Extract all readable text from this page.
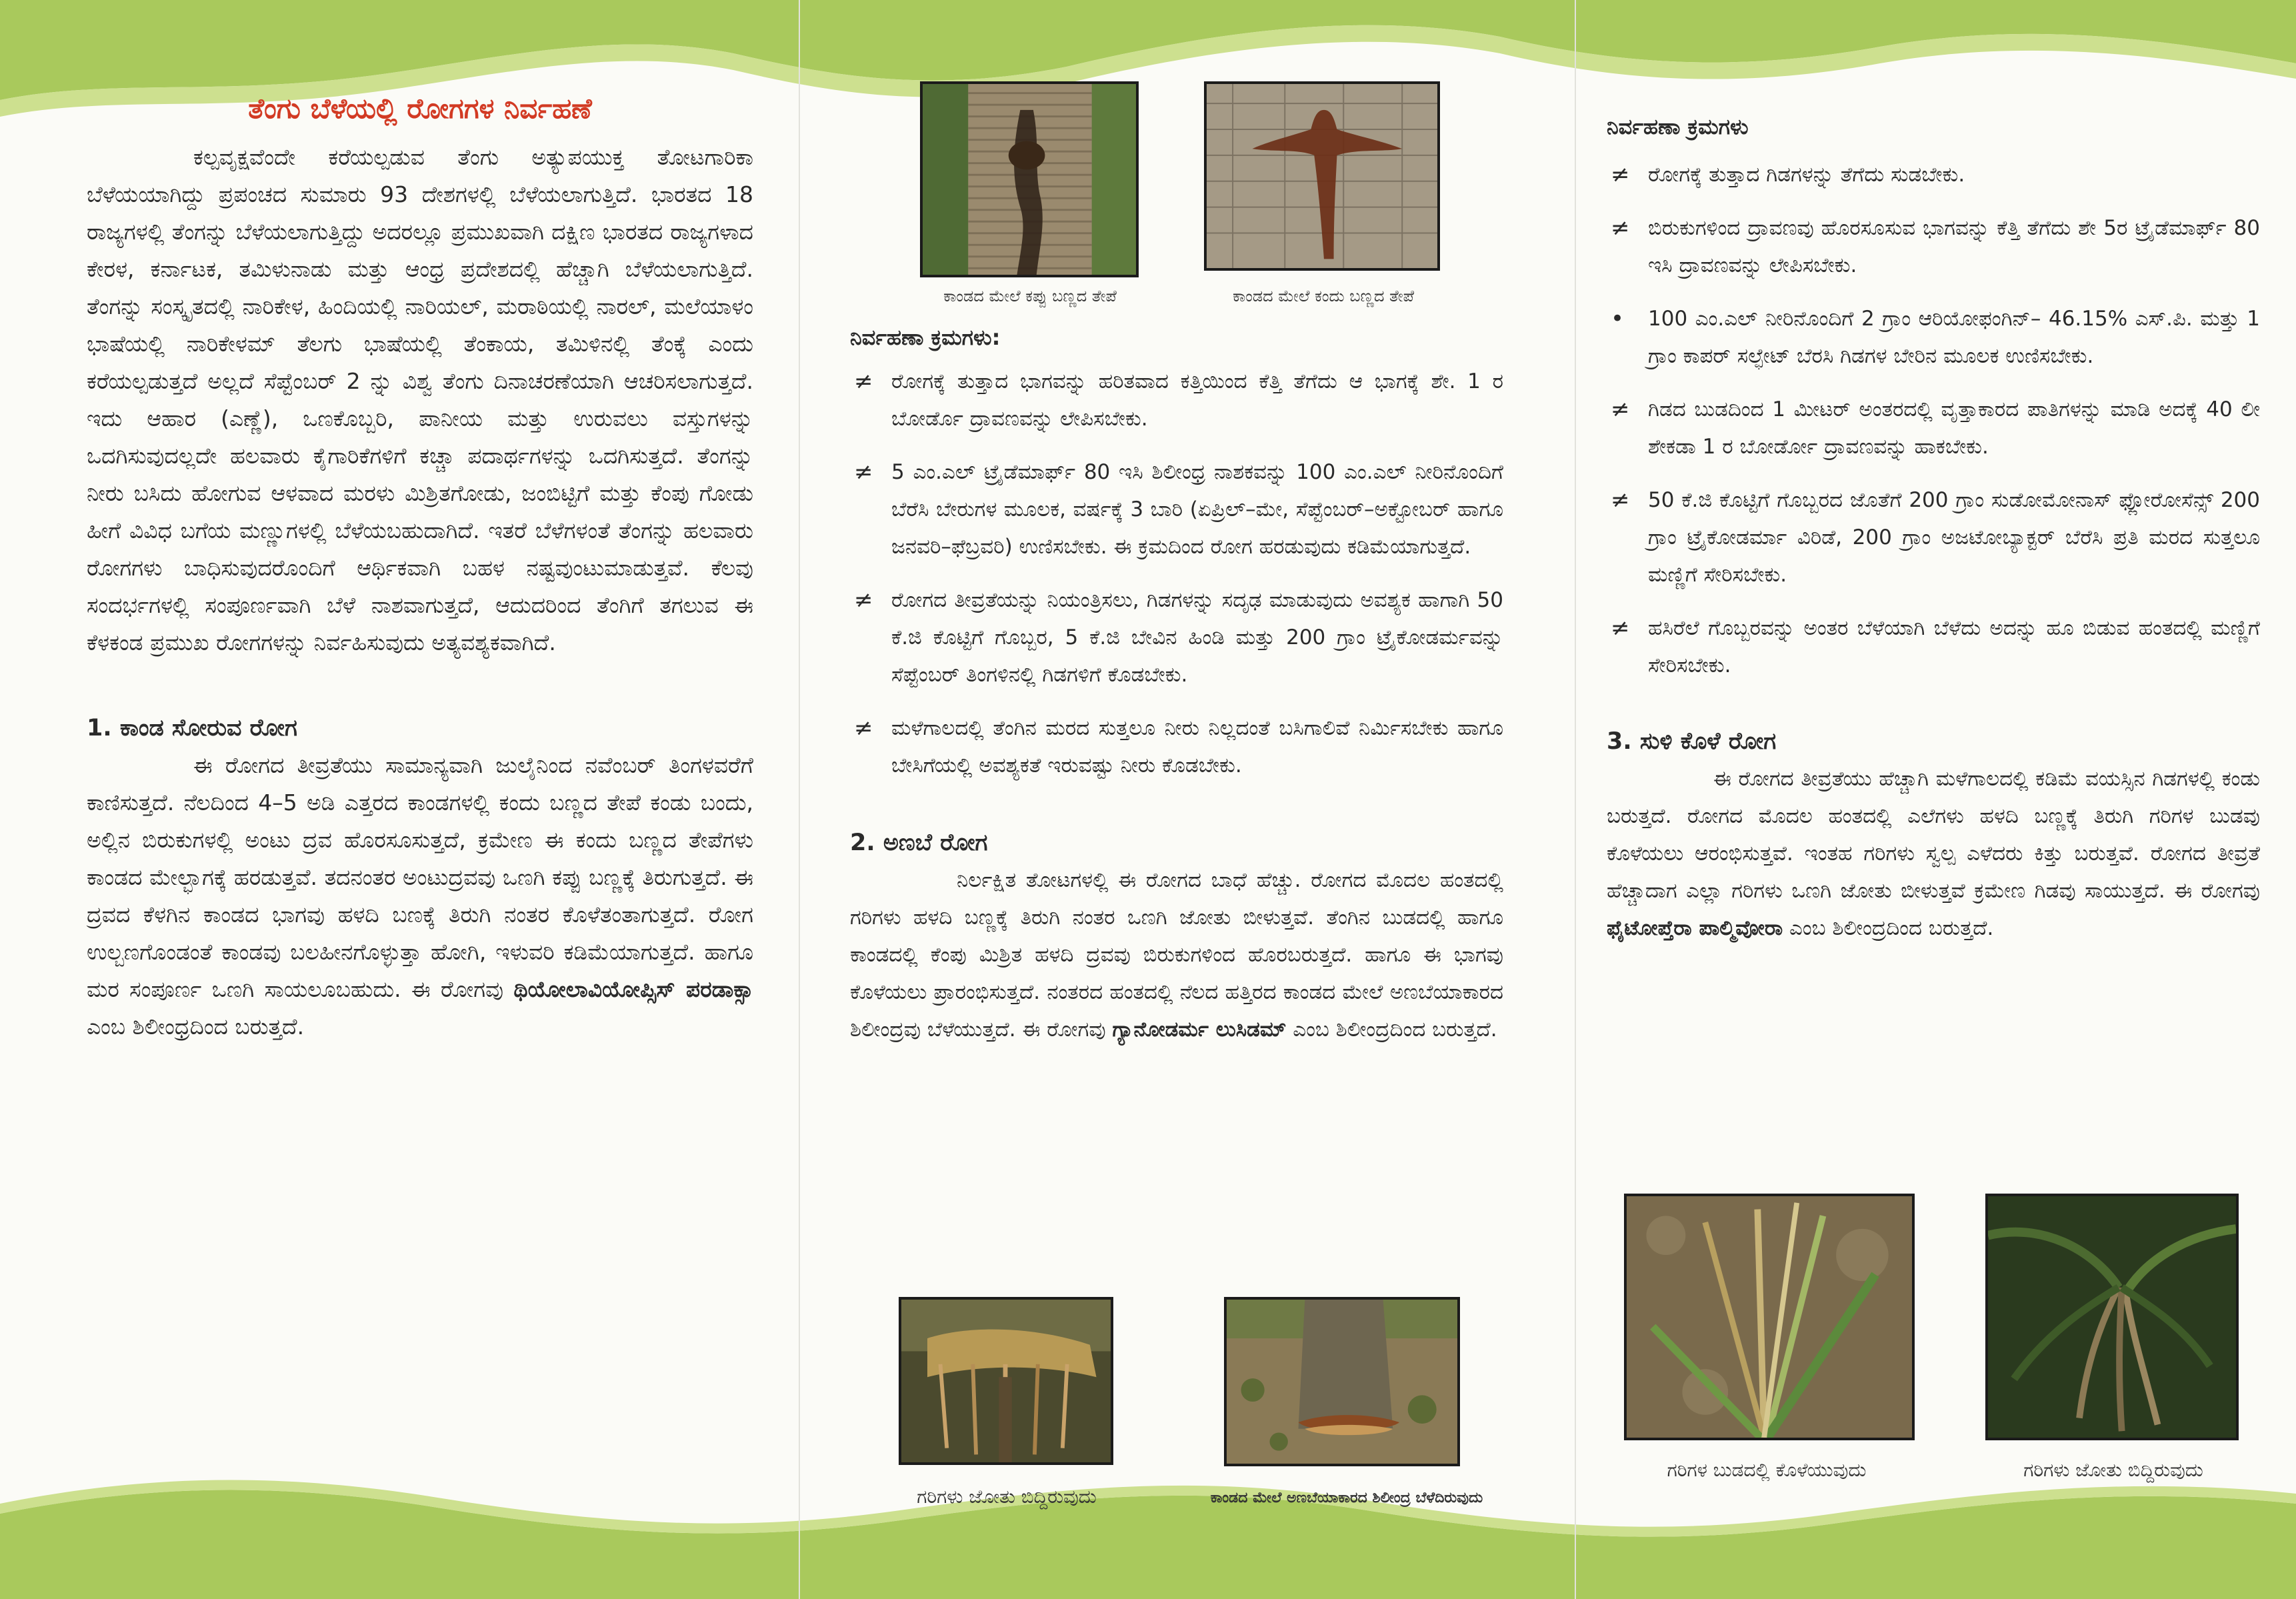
ತೆಂಗು ಬೆಳೆಯಲ್ಲಿ ರೋಗಗಳ ನಿರ್ವಹಣೆ

ಕಲ್ಪವೃಕ್ಷವೆಂದೇ ಕರೆಯಲ್ಪಡುವ ತೆಂಗು ಅತ್ಯುಪಯುಕ್ತ ತೋಟಗಾರಿಕಾ ಬೆಳೆಯಯಾಗಿದ್ದು ಪ್ರಪಂಚದ ಸುಮಾರು 93 ದೇಶಗಳಲ್ಲಿ ಬೆಳೆಯಲಾಗುತ್ತಿದೆ. ಭಾರತದ 18 ರಾಜ್ಯಗಳಲ್ಲಿ ತೆಂಗನ್ನು ಬೆಳೆಯಲಾಗುತ್ತಿದ್ದು ಅದರಲ್ಲೂ ಪ್ರಮುಖವಾಗಿ ದಕ್ಷಿಣ ಭಾರತದ ರಾಜ್ಯಗಳಾದ ಕೇರಳ, ಕರ್ನಾಟಕ, ತಮಿಳುನಾಡು ಮತ್ತು ಆಂಧ್ರ ಪ್ರದೇಶದಲ್ಲಿ ಹೆಚ್ಚಾಗಿ ಬೆಳೆಯಲಾಗುತ್ತಿದೆ. ತೆಂಗನ್ನು ಸಂಸ್ಕೃತದಲ್ಲಿ ನಾರಿಕೇಳ, ಹಿಂದಿಯಲ್ಲಿ ನಾರಿಯಲ್, ಮರಾಠಿಯಲ್ಲಿ ನಾರಲ್, ಮಲೆಯಾಳಂ ಭಾಷೆಯಲ್ಲಿ ನಾರಿಕೇಳಮ್ ತೆಲಗು ಭಾಷೆಯಲ್ಲಿ ತೆಂಕಾಯ, ತಮಿಳಿನಲ್ಲಿ ತೆಂಕ್ಕೆ ಎಂದು ಕರೆಯಲ್ಪಡುತ್ತದೆ ಅಲ್ಲದೆ ಸೆಪ್ಟೆಂಬರ್ 2 ನ್ನು ವಿಶ್ವ ತೆಂಗು ದಿನಾಚರಣೆಯಾಗಿ ಆಚರಿಸಲಾಗುತ್ತದೆ. ಇದು ಆಹಾರ (ಎಣ್ಣೆ), ಒಣಕೊಬ್ಬರಿ, ಪಾನೀಯ ಮತ್ತು ಉರುವಲು ವಸ್ತುಗಳನ್ನು ಒದಗಿಸುವುದಲ್ಲದೇ ಹಲವಾರು ಕೈಗಾರಿಕೆಗಳಿಗೆ ಕಚ್ಚಾ ಪದಾರ್ಥಗಳನ್ನು ಒದಗಿಸುತ್ತದೆ. ತೆಂಗನ್ನು ನೀರು ಬಸಿದು ಹೋಗುವ ಆಳವಾದ ಮರಳು ಮಿಶ್ರಿತಗೋಡು, ಜಂಬಿಟ್ಟಿಗೆ ಮತ್ತು ಕೆಂಪು ಗೋಡು ಹೀಗೆ ವಿವಿಧ ಬಗೆಯ ಮಣ್ಣುಗಳಲ್ಲಿ ಬೆಳೆಯಬಹುದಾಗಿದೆ. ಇತರೆ ಬೆಳೆಗಳಂತೆ ತೆಂಗನ್ನು ಹಲವಾರು ರೋಗಗಳು ಬಾಧಿಸುವುದರೊಂದಿಗೆ ಆರ್ಥಿಕವಾಗಿ ಬಹಳ ನಷ್ಟವುಂಟುಮಾಡುತ್ತವೆ. ಕೆಲವು ಸಂದರ್ಭಗಳಲ್ಲಿ ಸಂಪೂರ್ಣವಾಗಿ ಬೆಳೆ ನಾಶವಾಗುತ್ತದೆ, ಆದುದರಿಂದ ತೆಂಗಿಗೆ ತಗಲುವ ಈ ಕೆಳಕಂಡ ಪ್ರಮುಖ ರೋಗಗಳನ್ನು ನಿರ್ವಹಿಸುವುದು ಅತ್ಯವಶ್ಯಕವಾಗಿದೆ.

1. ಕಾಂಡ ಸೋರುವ ರೋಗ

ಈ ರೋಗದ ತೀವ್ರತೆಯು ಸಾಮಾನ್ಯವಾಗಿ ಜುಲೈನಿಂದ ನವೆಂಬರ್ ತಿಂಗಳವರೆಗೆ ಕಾಣಿಸುತ್ತದೆ. ನೆಲದಿಂದ 4–5 ಅಡಿ ಎತ್ತರದ ಕಾಂಡಗಳಲ್ಲಿ ಕಂದು ಬಣ್ಣದ ತೇಪೆ ಕಂಡು ಬಂದು, ಅಲ್ಲಿನ ಬಿರುಕುಗಳಲ್ಲಿ ಅಂಟು ದ್ರವ ಹೊರಸೂಸುತ್ತದೆ, ಕ್ರಮೇಣ ಈ ಕಂದು ಬಣ್ಣದ ತೇಪೆಗಳು ಕಾಂಡದ ಮೇಲ್ಭಾಗಕ್ಕೆ ಹರಡುತ್ತವೆ. ತದನಂತರ ಅಂಟುದ್ರವವು ಒಣಗಿ ಕಪ್ಪು ಬಣ್ಣಕ್ಕೆ ತಿರುಗುತ್ತದೆ. ಈ ದ್ರವದ ಕೆಳಗಿನ ಕಾಂಡದ ಭಾಗವು ಹಳದಿ ಬಣಕ್ಕೆ ತಿರುಗಿ ನಂತರ ಕೊಳೆತಂತಾಗುತ್ತದೆ. ರೋಗ ಉಲ್ಬಣಗೊಂಡಂತೆ ಕಾಂಡವು ಬಲಹೀನಗೊಳ್ಳುತ್ತಾ ಹೋಗಿ, ಇಳುವರಿ ಕಡಿಮೆಯಾಗುತ್ತದೆ. ಹಾಗೂ ಮರ ಸಂಪೂರ್ಣ ಒಣಗಿ ಸಾಯಲೂಬಹುದು. ಈ ರೋಗವು ಥಿಯೋಲಾವಿಯೋಪ್ಸಿಸ್ ಪರಡಾಕ್ಸಾ ಎಂಬ ಶಿಲೀಂಧ್ರದಿಂದ ಬರುತ್ತದೆ.

ಕಾಂಡದ ಮೇಲೆ ಕಪ್ಪು ಬಣ್ಣದ ತೇಪೆ	ಕಾಂಡದ ಮೇಲೆ ಕಂದು ಬಣ್ಣದ ತೇಪೆ
ನಿರ್ವಹಣಾ ಕ್ರಮಗಳು:
≠ ರೋಗಕ್ಕೆ ತುತ್ತಾದ ಭಾಗವನ್ನು ಹರಿತವಾದ ಕತ್ತಿಯಿಂದ ಕೆತ್ತಿ ತೆಗೆದು ಆ ಭಾಗಕ್ಕೆ ಶೇ. 1 ರ ಬೋರ್ಡೊ ದ್ರಾವಣವನ್ನು ಲೇಪಿಸಬೇಕು.
≠ 5 ಎಂ.ಎಲ್ ಟ್ರೈಡೆಮಾರ್ಫ್ 80 ಇಸಿ ಶಿಲೀಂಧ್ರ ನಾಶಕವನ್ನು 100 ಎಂ.ಎಲ್ ನೀರಿನೊಂದಿಗೆ ಬೆರೆಸಿ ಬೇರುಗಳ ಮೂಲಕ, ವರ್ಷಕ್ಕೆ 3 ಬಾರಿ (ಏಪ್ರಿಲ್–ಮೇ, ಸೆಪ್ಟೆಂಬರ್–ಅಕ್ಟೋಬರ್ ಹಾಗೂ ಜನವರಿ–ಫೆಬ್ರವರಿ) ಉಣಿಸಬೇಕು. ಈ ಕ್ರಮದಿಂದ ರೋಗ ಹರಡುವುದು ಕಡಿಮೆಯಾಗುತ್ತದೆ.
≠ ರೋಗದ ತೀವ್ರತೆಯನ್ನು ನಿಯಂತ್ರಿಸಲು, ಗಿಡಗಳನ್ನು ಸದೃಢ ಮಾಡುವುದು ಅವಶ್ಯಕ ಹಾಗಾಗಿ 50 ಕೆ.ಜಿ ಕೊಟ್ಟಿಗೆ ಗೊಬ್ಬರ, 5 ಕೆ.ಜಿ ಬೇವಿನ ಹಿಂಡಿ ಮತ್ತು 200 ಗ್ರಾಂ ಟ್ರೈಕೋಡರ್ಮವನ್ನು ಸೆಪ್ಟೆಂಬರ್ ತಿಂಗಳಿನಲ್ಲಿ ಗಿಡಗಳಿಗೆ ಕೊಡಬೇಕು.
≠ ಮಳೆಗಾಲದಲ್ಲಿ ತೆಂಗಿನ ಮರದ ಸುತ್ತಲೂ ನೀರು ನಿಲ್ಲದಂತೆ ಬಸಿಗಾಲಿವೆ ನಿರ್ಮಿಸಬೇಕು ಹಾಗೂ ಬೇಸಿಗೆಯಲ್ಲಿ ಅವಶ್ಯಕತೆ ಇರುವಷ್ಟು ನೀರು ಕೊಡಬೇಕು.
2. ಅಣಬೆ ರೋಗ

ನಿರ್ಲಕ್ಷಿತ ತೋಟಗಳಲ್ಲಿ ಈ ರೋಗದ ಬಾಧೆ ಹೆಚ್ಚು. ರೋಗದ ಮೊದಲ ಹಂತದಲ್ಲಿ ಗರಿಗಳು ಹಳದಿ ಬಣ್ಣಕ್ಕೆ ತಿರುಗಿ ನಂತರ ಒಣಗಿ ಜೋತು ಬೀಳುತ್ತವೆ. ತೆಂಗಿನ ಬುಡದಲ್ಲಿ ಹಾಗೂ ಕಾಂಡದಲ್ಲಿ ಕೆಂಪು ಮಿಶ್ರಿತ ಹಳದಿ ದ್ರವವು ಬಿರುಕುಗಳಿಂದ ಹೊರಬರುತ್ತದೆ. ಹಾಗೂ ಈ ಭಾಗವು ಕೊಳೆಯಲು ಪ್ರಾರಂಭಿಸುತ್ತದೆ. ನಂತರದ ಹಂತದಲ್ಲಿ ನೆಲದ ಹತ್ತಿರದ ಕಾಂಡದ ಮೇಲೆ ಅಣಬೆಯಾಕಾರದ ಶಿಲೀಂದ್ರವು ಬೆಳೆಯುತ್ತದೆ. ಈ ರೋಗವು ಗ್ಯಾನೋಡರ್ಮ ಲುಸಿಡಮ್ ಎಂಬ ಶಿಲೀಂದ್ರದಿಂದ ಬರುತ್ತದೆ.

ಗರಿಗಳು ಜೋತು ಬಿದ್ದಿರುವುದು	ಕಾಂಡದ ಮೇಲೆ ಅಣಬೆಯಾಕಾರದ ಶಿಲೀಂದ್ರ ಬೆಳೆದಿರುವುದು
ನಿರ್ವಹಣಾ ಕ್ರಮಗಳು
≠ ರೋಗಕ್ಕೆ ತುತ್ತಾದ ಗಿಡಗಳನ್ನು ತೆಗೆದು ಸುಡಬೇಕು.
≠ ಬಿರುಕುಗಳಿಂದ ದ್ರಾವಣವು ಹೊರಸೂಸುವ ಭಾಗವನ್ನು ಕೆತ್ತಿ ತೆಗೆದು ಶೇ 5ರ ಟ್ರೈಡೆಮಾರ್ಫ್ 80 ಇಸಿ ದ್ರಾವಣವನ್ನು ಲೇಪಿಸಬೇಕು.
• 100 ಎಂ.ಎಲ್ ನೀರಿನೊಂದಿಗೆ 2 ಗ್ರಾಂ ಆರಿಯೋಫಂಗಿನ್– 46.15% ಎಸ್.ಪಿ. ಮತ್ತು 1 ಗ್ರಾಂ ಕಾಪರ್ ಸಲ್ಫೇಟ್ ಬೆರಸಿ ಗಿಡಗಳ ಬೇರಿನ ಮೂಲಕ ಉಣಿಸಬೇಕು.
≠ ಗಿಡದ ಬುಡದಿಂದ 1 ಮೀಟರ್ ಅಂತರದಲ್ಲಿ ವೃತ್ತಾಕಾರದ ಪಾತಿಗಳನ್ನು ಮಾಡಿ ಅದಕ್ಕೆ 40 ಲೀ ಶೇಕಡಾ 1 ರ ಬೋರ್ಡೋ ದ್ರಾವಣವನ್ನು ಹಾಕಬೇಕು.
≠ 50 ಕೆ.ಜಿ ಕೊಟ್ಟಿಗೆ ಗೊಬ್ಬರದ ಜೊತೆಗೆ 200 ಗ್ರಾಂ ಸುಡೋಮೋನಾಸ್ ಫ್ಲೋರೋಸೆನ್ಸ್ 200 ಗ್ರಾಂ ಟ್ರೈಕೋಡರ್ಮಾ ವಿರಿಡೆ, 200 ಗ್ರಾಂ ಅಜಟೋಬ್ಯಾಕ್ಟರ್ ಬೆರೆಸಿ ಪ್ರತಿ ಮರದ ಸುತ್ತಲೂ ಮಣ್ಣಿಗೆ ಸೇರಿಸಬೇಕು.
≠ ಹಸಿರೆಲೆ ಗೊಬ್ಬರವನ್ನು ಅಂತರ ಬೆಳೆಯಾಗಿ ಬೆಳೆದು ಅದನ್ನು ಹೂ ಬಿಡುವ ಹಂತದಲ್ಲಿ ಮಣ್ಣಿಗೆ ಸೇರಿಸಬೇಕು.
3. ಸುಳಿ ಕೊಳೆ ರೋಗ

ಈ ರೋಗದ ತೀವ್ರತೆಯು ಹೆಚ್ಚಾಗಿ ಮಳೆಗಾಲದಲ್ಲಿ ಕಡಿಮೆ ವಯಸ್ಸಿನ ಗಿಡಗಳಲ್ಲಿ ಕಂಡು ಬರುತ್ತದೆ. ರೋಗದ ಮೊದಲ ಹಂತದಲ್ಲಿ ಎಲೆಗಳು ಹಳದಿ ಬಣ್ಣಕ್ಕೆ ತಿರುಗಿ ಗರಿಗಳ ಬುಡವು ಕೊಳೆಯಲು ಆರಂಭಿಸುತ್ತವೆ. ಇಂತಹ ಗರಿಗಳು ಸ್ವಲ್ಪ ಎಳೆದರು ಕಿತ್ತು ಬರುತ್ತವೆ. ರೋಗದ ತೀವ್ರತೆ ಹೆಚ್ಚಾದಾಗ ಎಲ್ಲಾ ಗರಿಗಳು ಒಣಗಿ ಜೋತು ಬೀಳುತ್ತವೆ ಕ್ರಮೇಣ ಗಿಡವು ಸಾಯುತ್ತದೆ. ಈ ರೋಗವು ಫೈಟೋಪ್ತೆರಾ ಪಾಲ್ಮಿವೋರಾ ಎಂಬ ಶಿಲೀಂದ್ರದಿಂದ ಬರುತ್ತದೆ.

ಗರಿಗಳ ಬುಡದಲ್ಲಿ ಕೊಳೆಯುವುದು	ಗರಿಗಳು ಜೋತು ಬಿದ್ದಿರುವುದು
